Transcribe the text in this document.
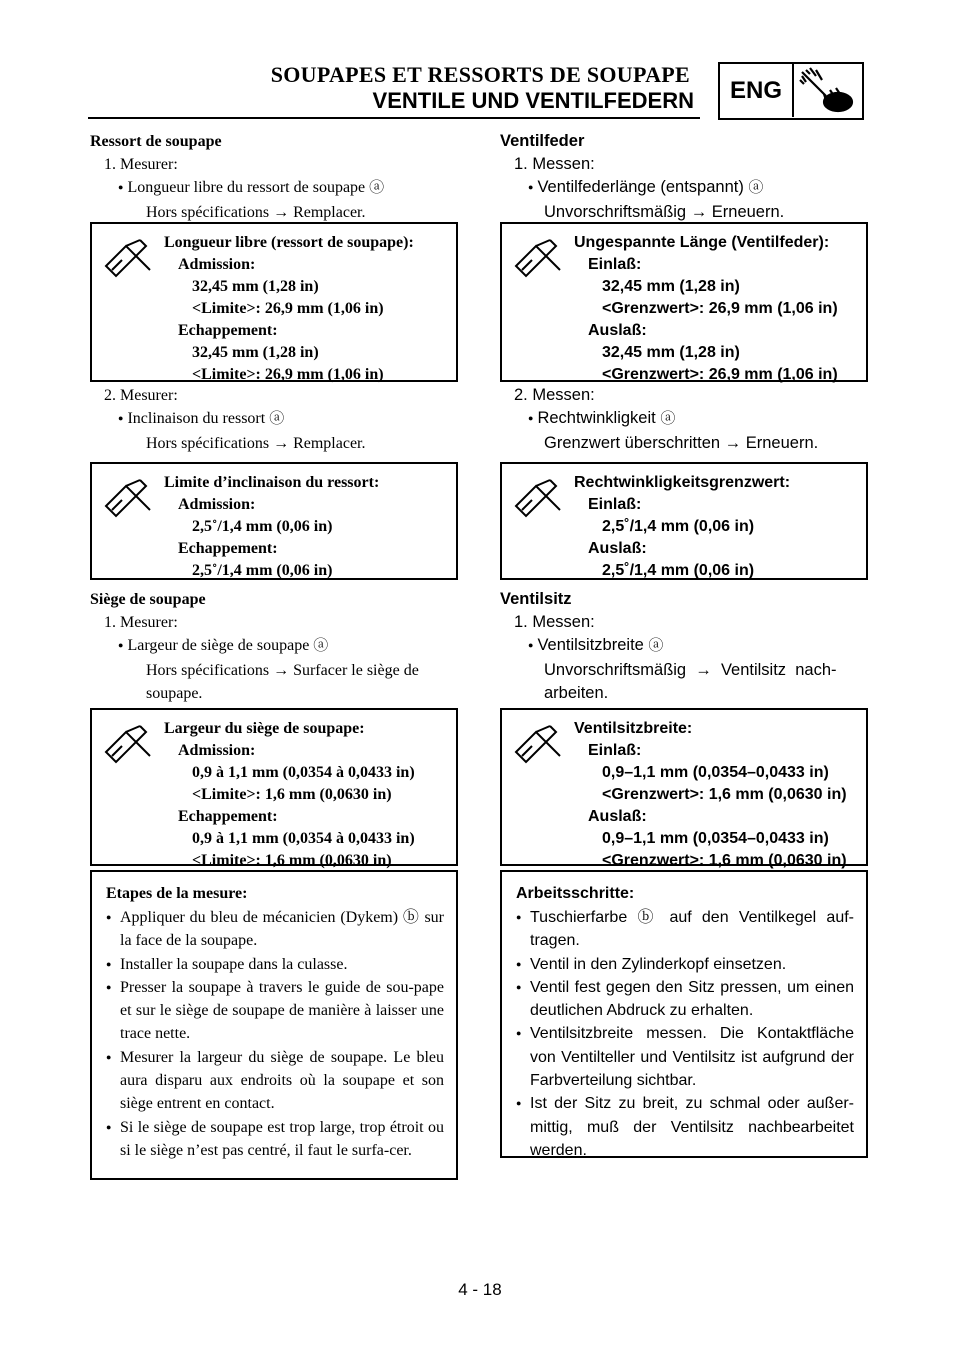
SOUPAPES ET RESSORTS DE SOUPAPE
VENTILE UND VENTILFEDERN	ENG
Ressort de soupape
1. Mesurer:
● Longueur libre du ressort de soupape ⓐ
Hors spécifications → Remplacer.
Longueur libre (ressort de soupape):
Admission:
32,45 mm (1,28 in)
<Limite>: 26,9 mm (1,06 in)
Echappement:
32,45 mm (1,28 in)
<Limite>: 26,9 mm (1,06 in)
2. Mesurer:
● Inclinaison du ressort ⓐ
Hors spécifications → Remplacer.
Limite d’inclinaison du ressort:
Admission:
2,5˚/1,4 mm (0,06 in)
Echappement:
2,5˚/1,4 mm (0,06 in)
Siège de soupape
1. Mesurer:
● Largeur de siège de soupape ⓐ
Hors spécifications → Surfacer le siège de
soupape.
Largeur du siège de soupape:
Admission:
0,9 à 1,1 mm (0,0354 à 0,0433 in)
<Limite>: 1,6 mm (0,0630 in)
Echappement:
0,9 à 1,1 mm (0,0354 à 0,0433 in)
<Limite>: 1,6 mm (0,0630 in)
Etapes de la mesure:
● Appliquer du bleu de mécanicien (Dykem) ⓑ sur la face de la soupape.
● Installer la soupape dans la culasse.
● Presser la soupape à travers le guide de sou-pape et sur le siège de soupape de manière à laisser une trace nette.
● Mesurer la largeur du siège de soupape. Le bleu aura disparu aux endroits où la soupape et son siège entrent en contact.
● Si le siège de soupape est trop large, trop étroit ou si le siège n’est pas centré, il faut le surfa-cer.
Ventilfeder
1. Messen:
● Ventilfederlänge (entspannt) ⓐ
Unvorschriftsmäßig → Erneuern.
Ungespannte Länge (Ventilfeder):
Einlaß:
32,45 mm (1,28 in)
<Grenzwert>: 26,9 mm (1,06 in)
Auslaß:
32,45 mm (1,28 in)
<Grenzwert>: 26,9 mm (1,06 in)
2. Messen:
● Rechtwinkligkeit ⓐ
Grenzwert überschritten → Erneuern.
Rechtwinkligkeitsgrenzwert:
Einlaß:
2,5˚/1,4 mm (0,06 in)
Auslaß:
2,5˚/1,4 mm (0,06 in)
Ventilsitz
1. Messen:
● Ventilsitzbreite ⓐ
Unvorschriftsmäßig  →  Ventilsitz  nach-
arbeiten.
Ventilsitzbreite:
Einlaß:
0,9–1,1 mm (0,0354–0,0433 in)
<Grenzwert>: 1,6 mm (0,0630 in)
Auslaß:
0,9–1,1 mm (0,0354–0,0433 in)
<Grenzwert>: 1,6 mm (0,0630 in)
Arbeitsschritte:
● Tuschierfarbe ⓑ auf den Ventilkegel auf-tragen.
● Ventil in den Zylinderkopf einsetzen.
● Ventil fest gegen den Sitz pressen, um einen deutlichen Abdruck zu erhalten.
● Ventilsitzbreite messen. Die Kontaktfläche von Ventilteller und Ventilsitz ist aufgrund der Farbverteilung sichtbar.
● Ist der Sitz zu breit, zu schmal oder außer-mittig, muß der Ventilsitz nachbearbeitet werden.
4 - 18
